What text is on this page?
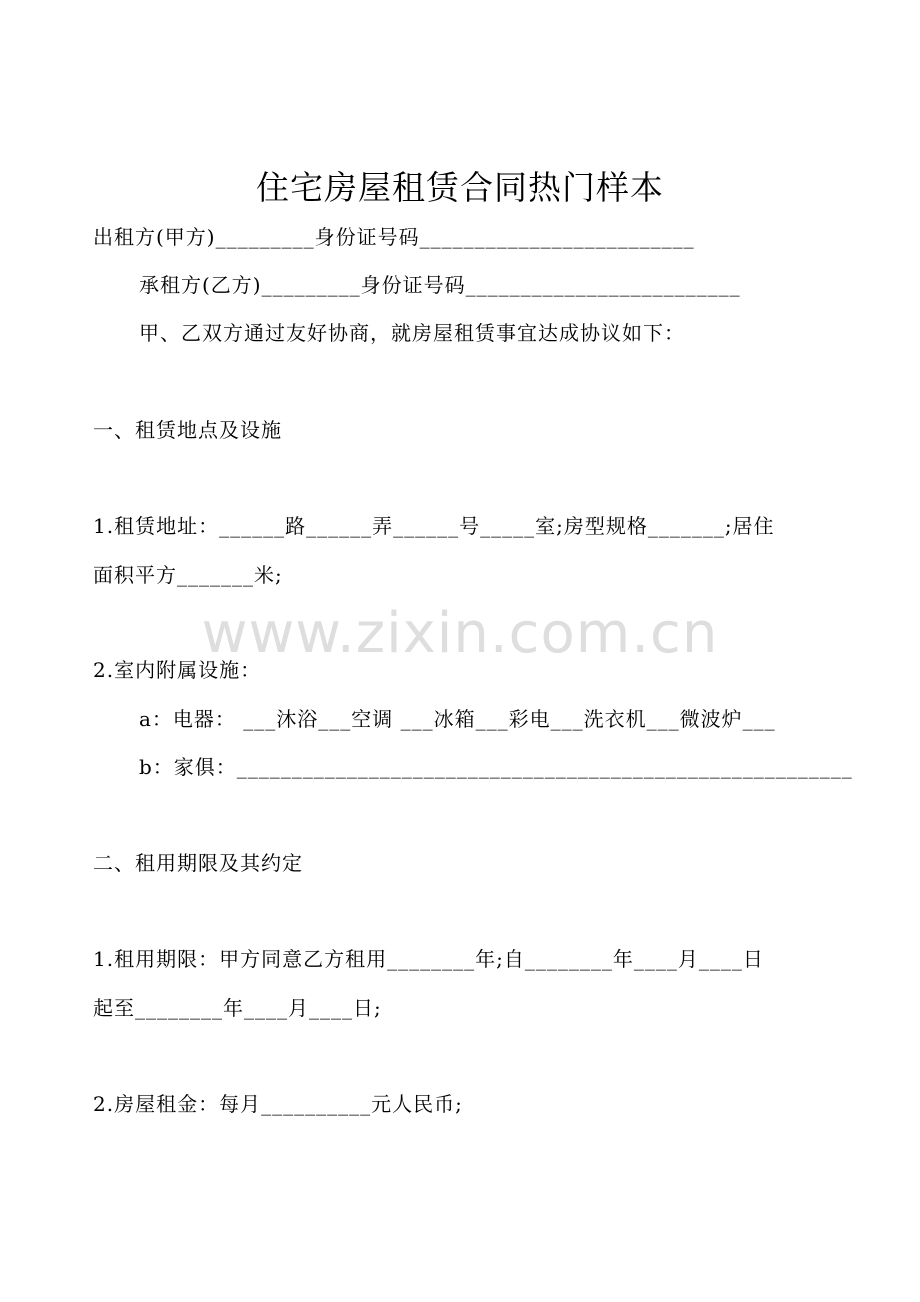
www.zixin.com.cn
住宅房屋租赁合同热门样本
出租方(甲方)_________身份证号码_________________________
承租方(乙方)_________身份证号码_________________________
甲、乙双方通过友好协商，就房屋租赁事宜达成协议如下：
一、租赁地点及设施
1.租赁地址：______路______弄______号_____室;房型规格_______;居住
面积平方_______米;
2.室内附属设施：
a：电器： ___沐浴___空调 ___冰箱___彩电___洗衣机___微波炉___
b：家俱：________________________________________________________
二、租用期限及其约定
1.租用期限：甲方同意乙方租用________年;自________年____月____日
起至________年____月____日;
2.房屋租金：每月__________元人民币;
